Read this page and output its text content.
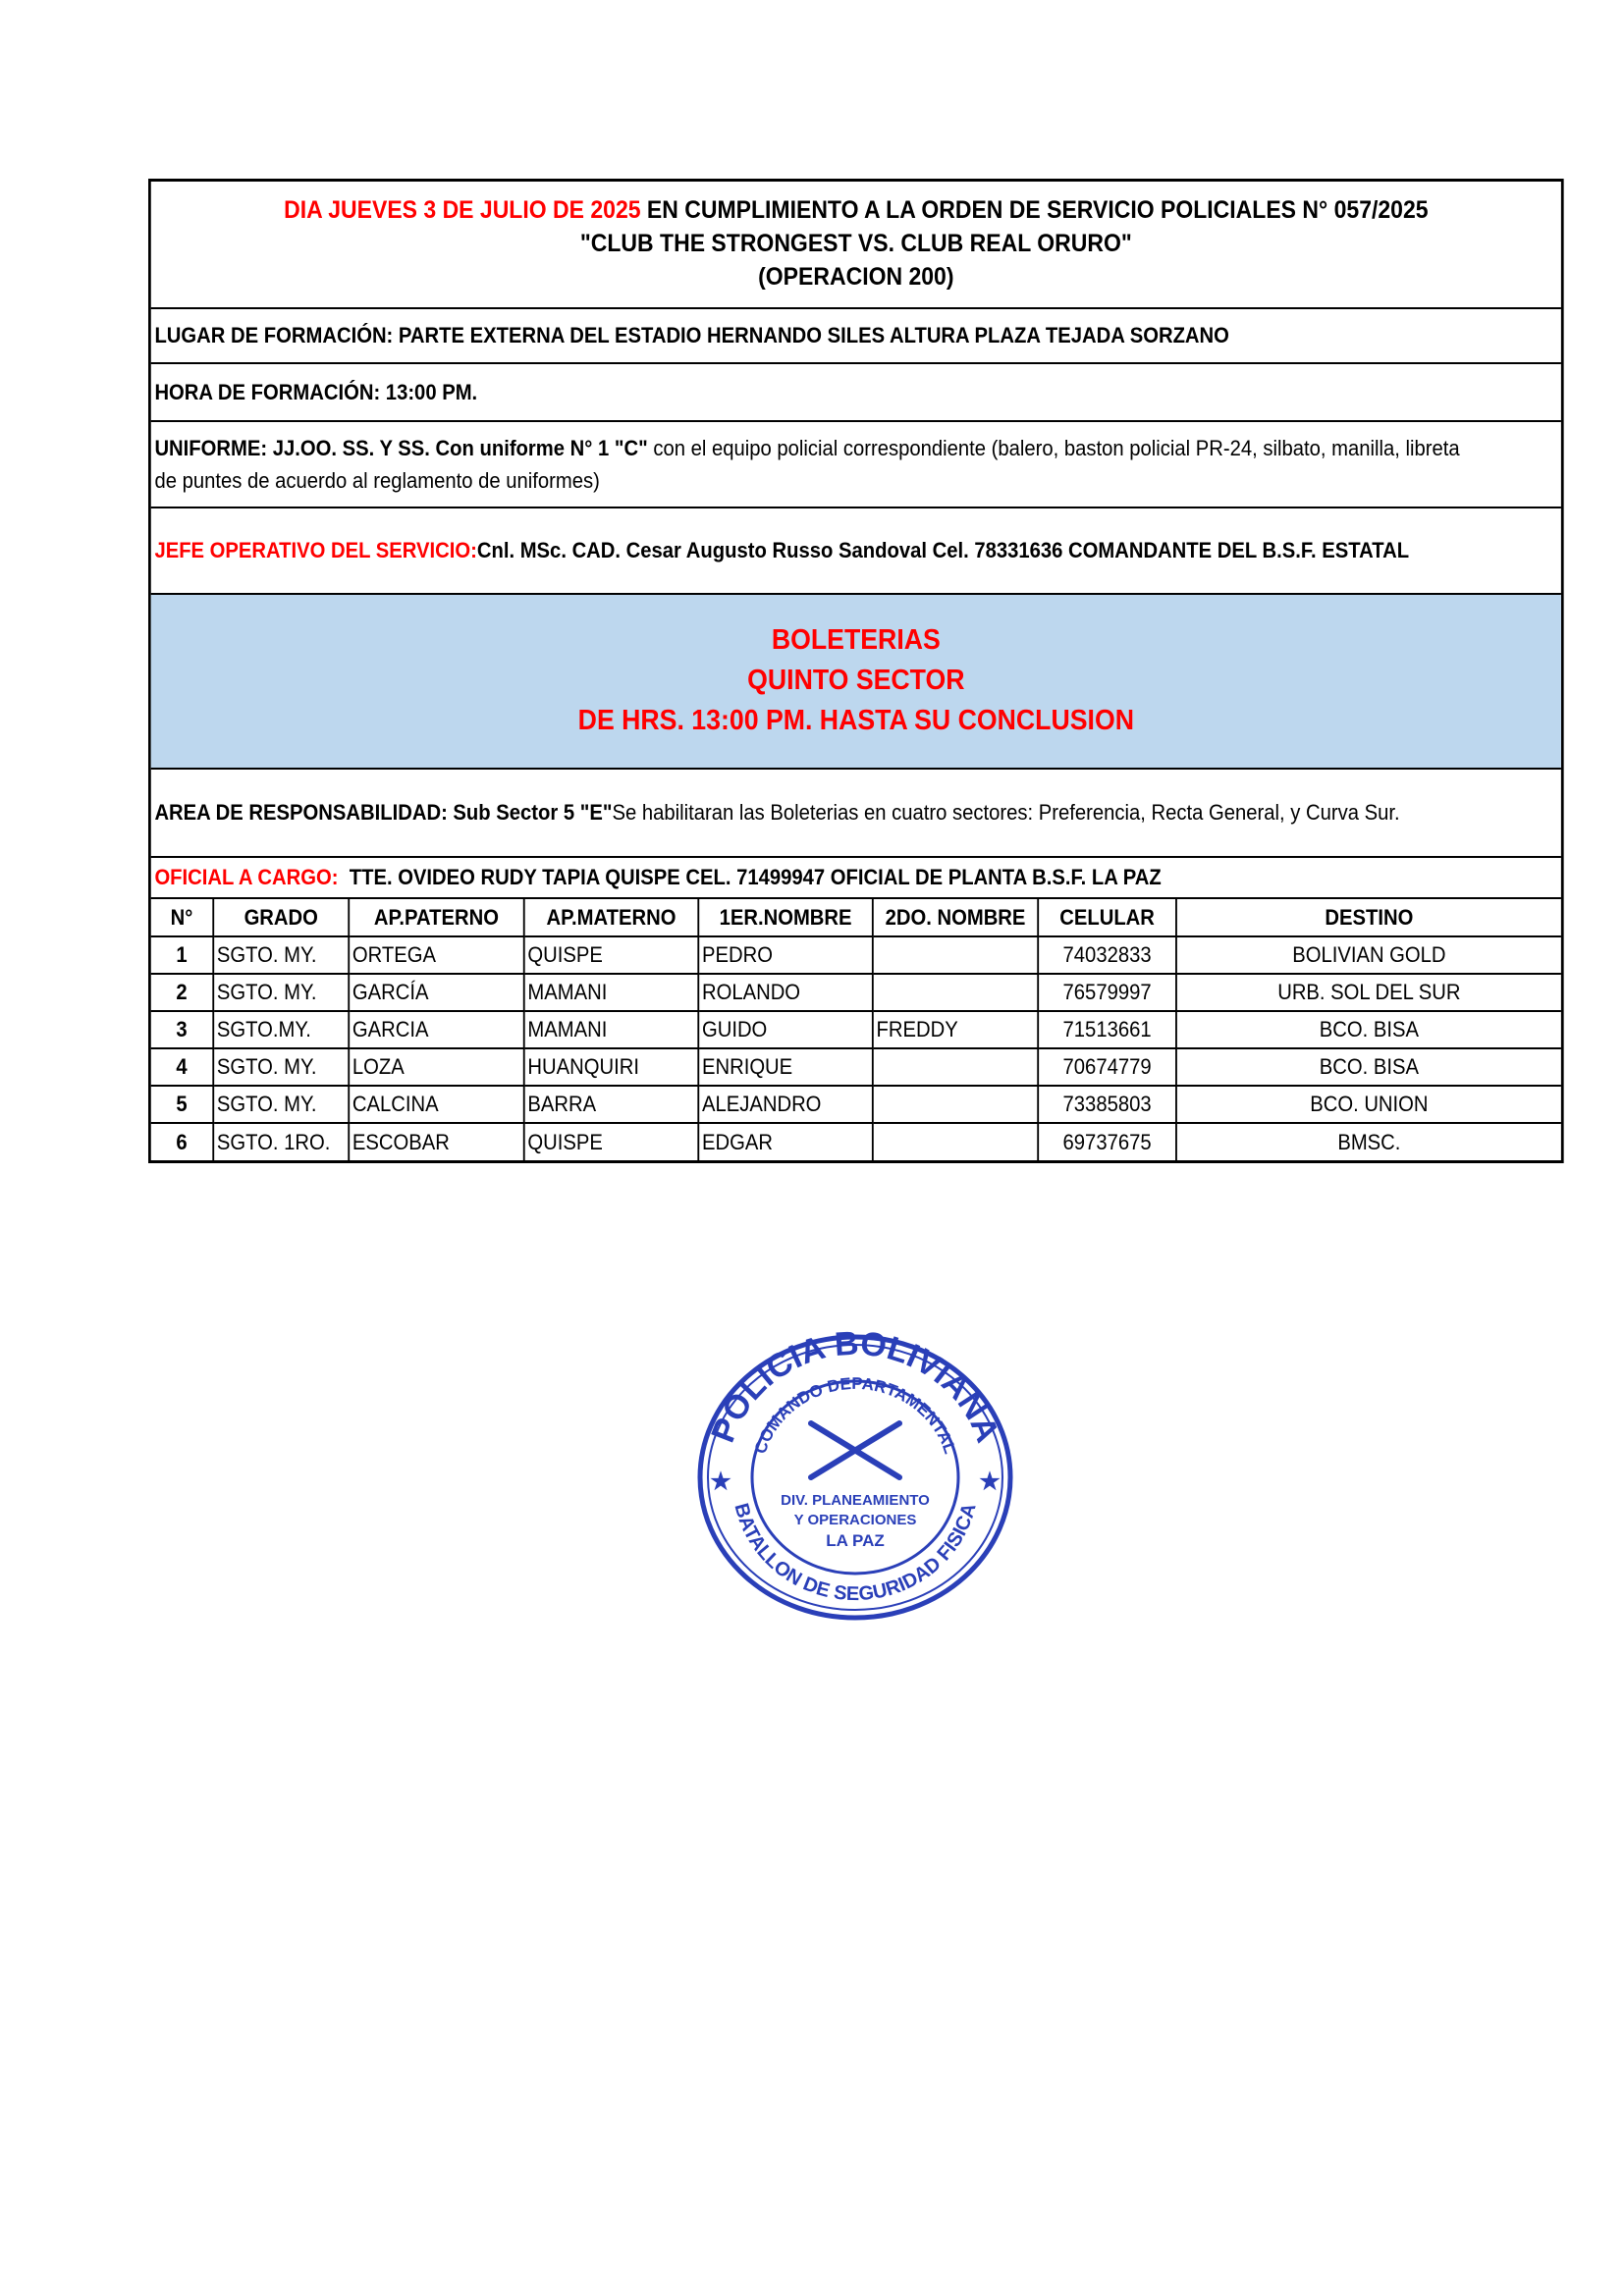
DIA JUEVES 3 DE JULIO DE 2025 EN CUMPLIMIENTO A LA ORDEN DE SERVICIO POLICIALES N° 057/2025
"CLUB THE STRONGEST VS. CLUB REAL ORURO"
(OPERACION 200)
LUGAR DE FORMACIÓN: PARTE EXTERNA DEL ESTADIO HERNANDO SILES ALTURA PLAZA TEJADA SORZANO
HORA DE FORMACIÓN: 13:00 PM.
UNIFORME: JJ.OO. SS. Y SS. Con uniforme N° 1 "C" con el equipo policial correspondiente (balero, baston policial PR-24, silbato, manilla, libreta
de puntes de acuerdo al reglamento de uniformes)
JEFE OPERATIVO DEL SERVICIO: Cnl. MSc. CAD. Cesar Augusto Russo Sandoval Cel. 78331636 COMANDANTE DEL B.S.F. ESTATAL
BOLETERIAS
QUINTO SECTOR
DE HRS. 13:00 PM. HASTA SU CONCLUSION
AREA DE RESPONSABILIDAD: Sub Sector 5 "E" Se habilitaran las Boleterias en cuatro sectores: Preferencia, Recta General, y Curva Sur.
OFICIAL A CARGO: TTE. OVIDEO RUDY TAPIA QUISPE CEL. 71499947 OFICIAL DE PLANTA B.S.F. LA PAZ
N°	GRADO	AP.PATERNO	AP.MATERNO	1ER.NOMBRE	2DO. NOMBRE	CELULAR	DESTINO
1	SGTO. MY.	ORTEGA	QUISPE	PEDRO		74032833	BOLIVIAN GOLD
2	SGTO. MY.	GARCÍA	MAMANI	ROLANDO		76579997	URB. SOL DEL SUR
3	SGTO.MY.	GARCIA	MAMANI	GUIDO	FREDDY	71513661	BCO. BISA
4	SGTO. MY.	LOZA	HUANQUIRI	ENRIQUE		70674779	BCO. BISA
5	SGTO. MY.	CALCINA	BARRA	ALEJANDRO		73385803	BCO. UNION
6	SGTO. 1RO.	ESCOBAR	QUISPE	EDGAR		69737675	BMSC.
POLICIA BOLIVIANA
COMANDO DEPARTAMENTAL
BATALLON DE SEGURIDAD FISICA
DIV. PLANEAMIENTO
Y OPERACIONES
LA PAZ
★	★
